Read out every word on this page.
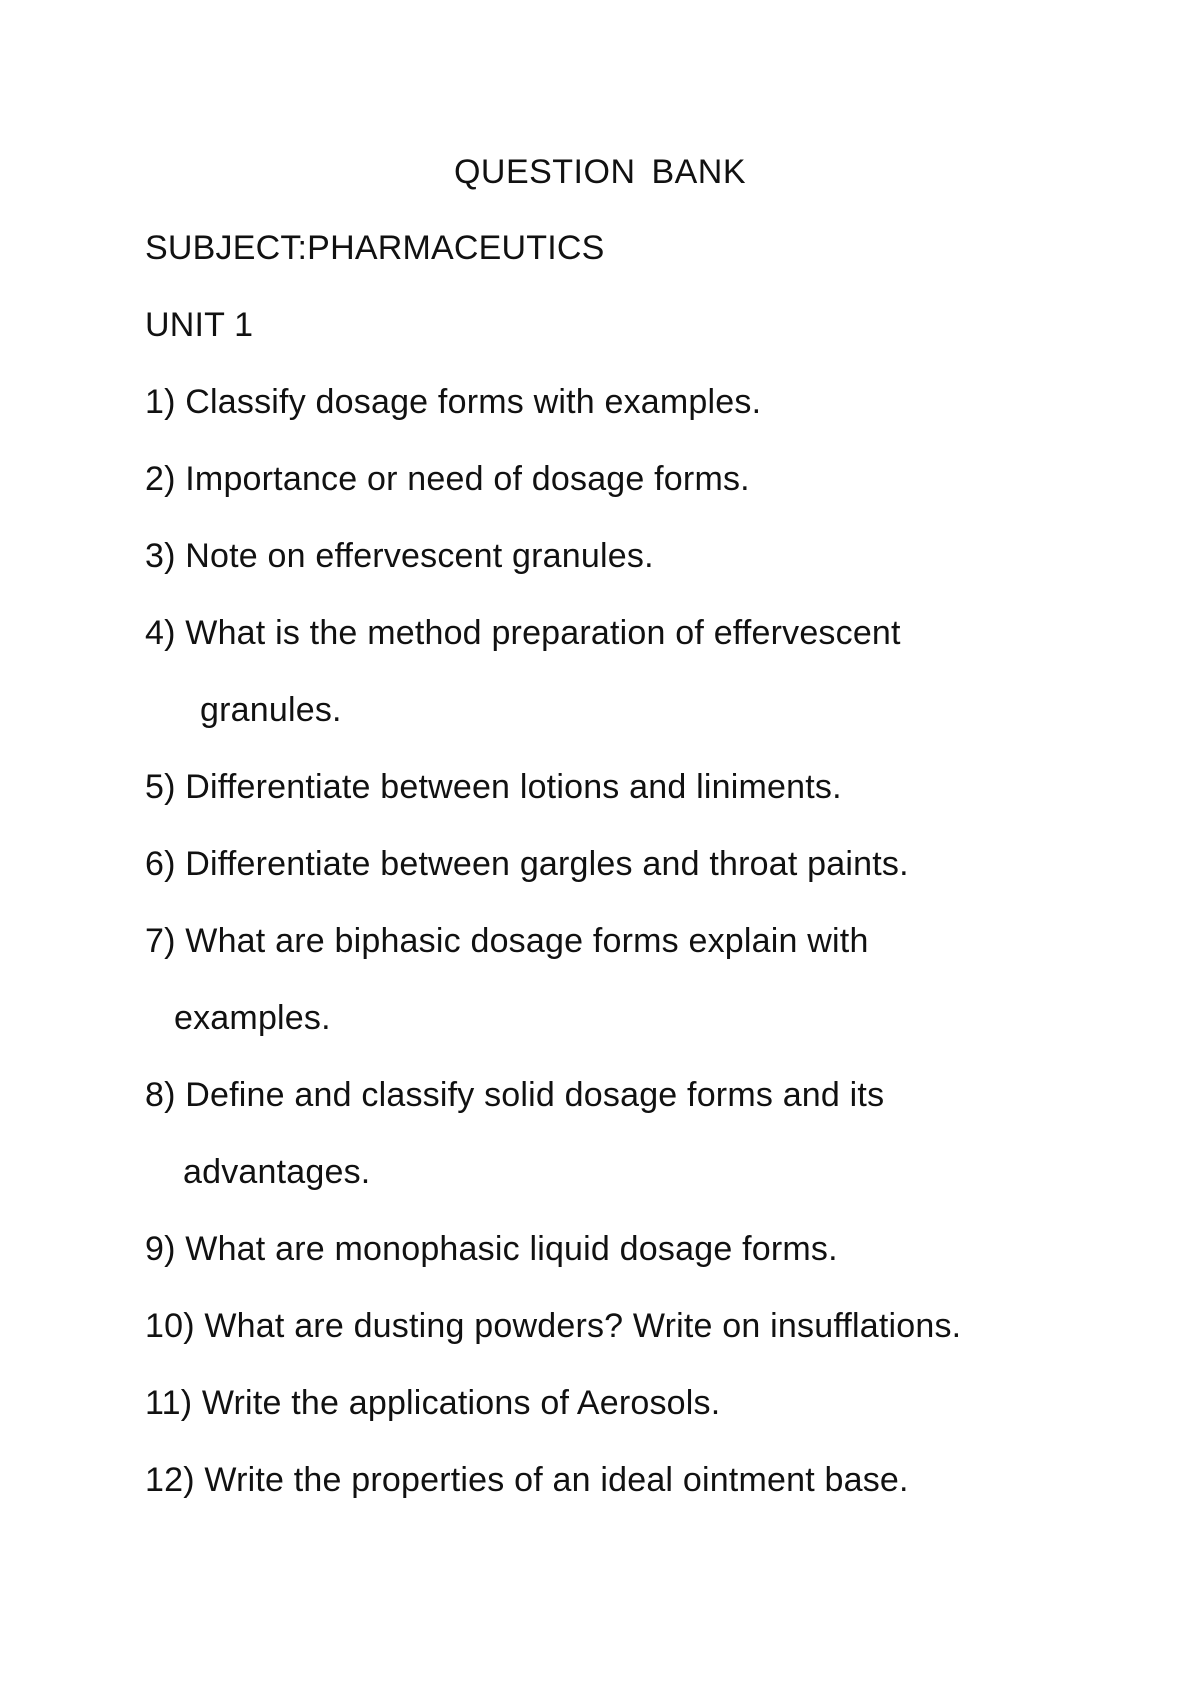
QUESTION BANK
SUBJECT:PHARMACEUTICS
UNIT 1
1) Classify dosage forms with examples.
2) Importance or need of dosage forms.
3) Note on effervescent granules.
4) What is the method preparation of effervescent
granules.
5) Differentiate between lotions and liniments.
6) Differentiate between gargles and throat paints.
7) What are biphasic dosage forms explain with
examples.
8) Define and classify solid dosage forms and its
advantages.
9) What are monophasic liquid dosage forms.
10) What are dusting powders? Write on insufflations.
11) Write the applications of Aerosols.
12) Write the properties of an ideal ointment base.
